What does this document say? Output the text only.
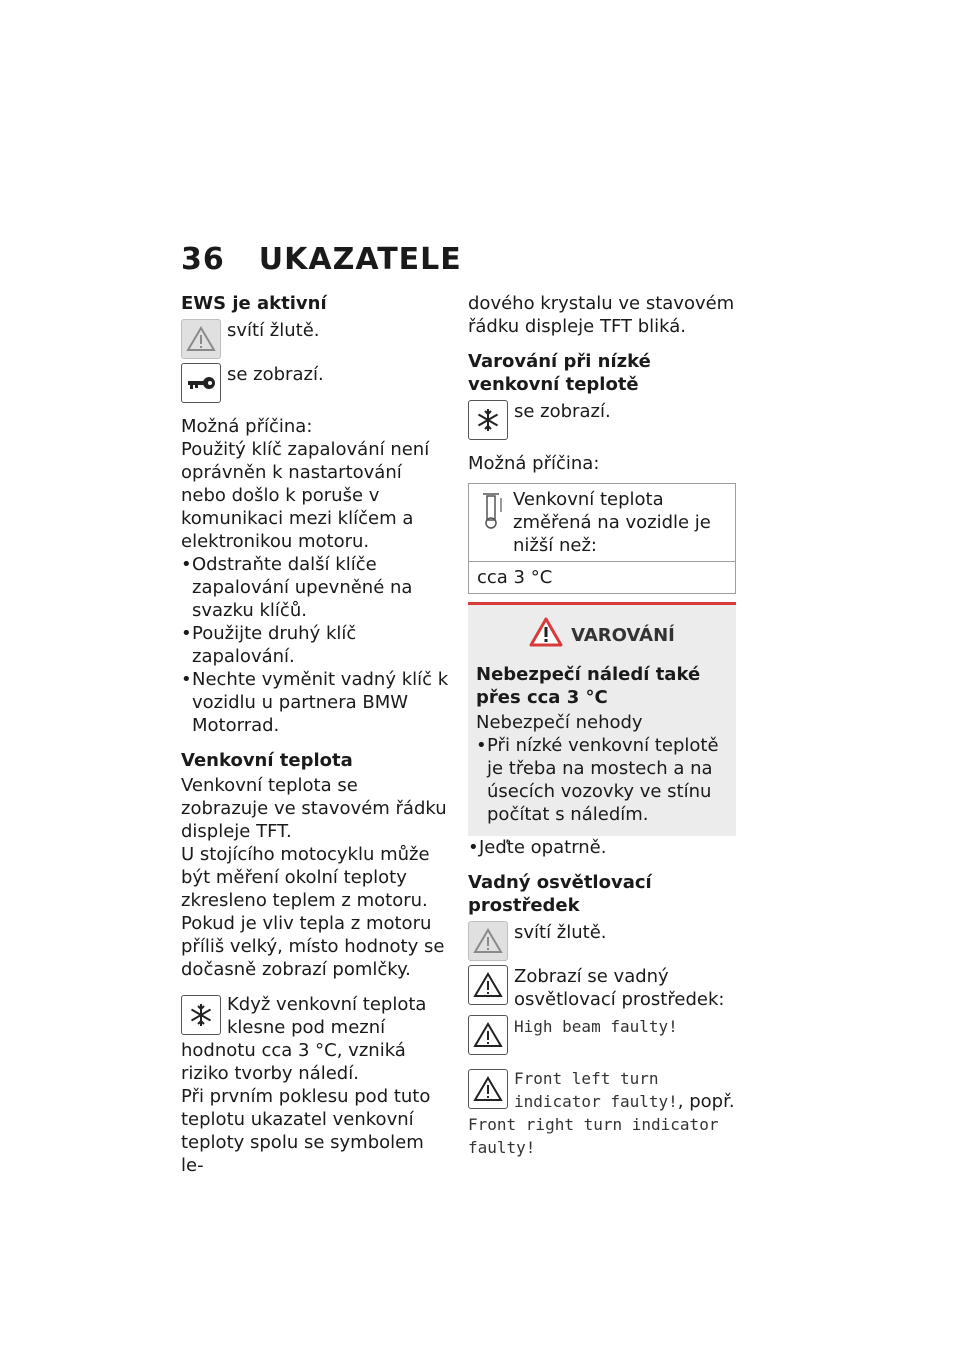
36 UKAZATELE
EWS je aktivní
svítí žlutě.
se zobrazí.

Možná příčina:

Použitý klíč zapalování není oprávněn k nastartování nebo došlo k poruše v komunikaci mezi klíčem a elektronikou motoru.

• Odstraňte další klíče zapalování upevněné na svazku klíčů.
• Použijte druhý klíč zapalování.
• Nechte vyměnit vadný klíč k vozidlu u partnera BMW Motorrad.
Venkovní teplota

Venkovní teplota se zobrazuje ve stavovém řádku displeje TFT.

U stojícího motocyklu může být měření okolní teploty zkresleno teplem z motoru. Pokud je vliv tepla z motoru příliš velký, místo hodnoty se dočasně zobrazí pomlčky.

Když venkovní teplota klesne pod mezní hodnotu cca 3 °C, vzniká riziko tvorby náledí.

Při prvním poklesu pod tuto teplotu ukazatel venkovní teploty spolu se symbolem le-

dového krystalu ve stavovém řádku displeje TFT bliká.

Varování při nízké venkovní teplotě
se zobrazí.

Možná příčina:

Venkovní teplota změřená na vozidle je nižší než:
cca 3 °C
VAROVÁNÍ
Nebezpečí náledí také přes cca 3 °C

Nebezpečí nehody

• Při nízké venkovní teplotě je třeba na mostech a na úsecích vozovky ve stínu počítat s náledím.
• Jeďte opatrně.
Vadný osvětlovací prostředek
svítí žlutě.
Zobrazí se vadný osvětlovací prostředek:
High beam faulty!

Front left turn indicator faulty!, popř.

Front right turn indicator faulty!
